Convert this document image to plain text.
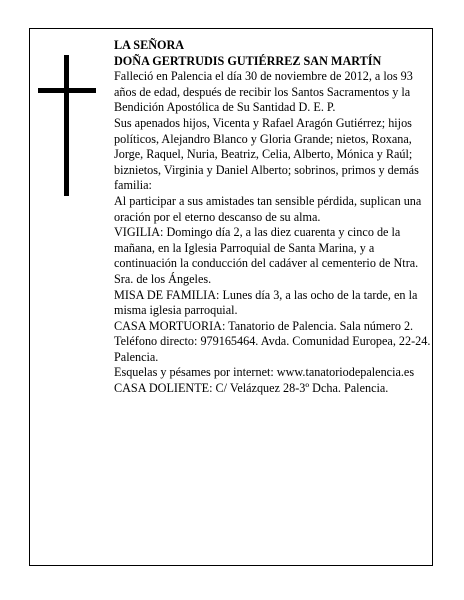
LA SEÑORA

DOÑA GERTRUDIS GUTIÉRREZ SAN MARTÍN

Falleció en Palencia el día 30 de noviembre de 2012, a los 93 años de edad, después de recibir los Santos Sacramentos y la Bendición Apostólica de Su Santidad D. E. P.

Sus apenados hijos, Vicenta y Rafael Aragón Gutiérrez; hijos políticos, Alejandro Blanco y Gloria Grande; nietos, Roxana, Jorge, Raquel, Nuria, Beatriz, Celia, Alberto, Mónica y Raúl; biznietos, Virginia y Daniel Alberto; sobrinos, primos y demás familia:

Al participar a sus amistades tan sensible pérdida, suplican una oración por el eterno descanso de su alma.

VIGILIA: Domingo día 2, a las diez cuarenta y cinco de la mañana, en la Iglesia Parroquial de Santa Marina, y a continuación la conducción del cadáver al cementerio de Ntra. Sra. de los Ángeles.

MISA DE FAMILIA: Lunes día 3, a las ocho de la tarde, en la misma iglesia parroquial.

CASA MORTUORIA: Tanatorio de Palencia. Sala número 2. Teléfono directo: 979165464. Avda. Comunidad Europea, 22-24. Palencia.

Esquelas y pésames por internet: www.tanatoriodepalencia.es

CASA DOLIENTE: C/ Velázquez 28-3º Dcha. Palencia.
